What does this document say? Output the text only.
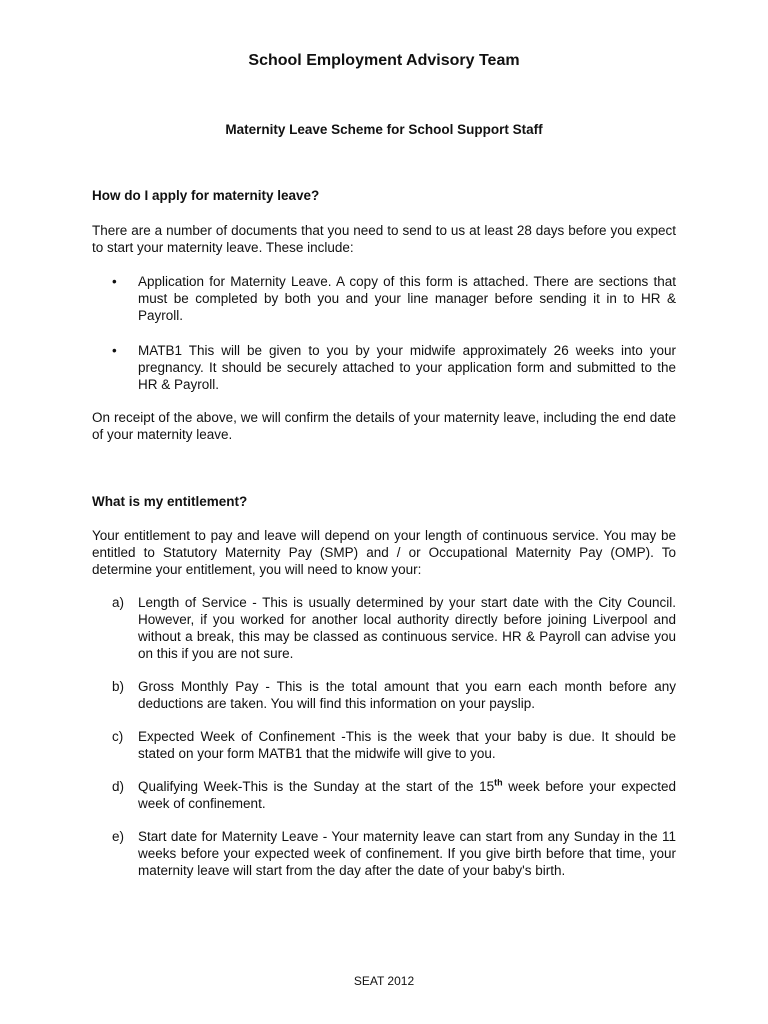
School Employment Advisory Team
Maternity Leave Scheme for School Support Staff
How do I apply for maternity leave?

There are a number of documents that you need to send to us at least 28 days before you expect to start your maternity leave. These include:

•	Application for Maternity Leave. A copy of this form is attached. There are sections that must be completed by both you and your line manager before sending it in to HR & Payroll.
•	MATB1 This will be given to you by your midwife approximately 26 weeks into your pregnancy. It should be securely attached to your application form and submitted to the HR & Payroll.

On receipt of the above, we will confirm the details of your maternity leave, including the end date of your maternity leave.

What is my entitlement?

Your entitlement to pay and leave will depend on your length of continuous service. You may be entitled to Statutory Maternity Pay (SMP) and / or Occupational Maternity Pay (OMP). To determine your entitlement, you will need to know your:

a)	Length of Service - This is usually determined by your start date with the City Council. However, if you worked for another local authority directly before joining Liverpool and without a break, this may be classed as continuous service. HR & Payroll can advise you on this if you are not sure.
b)	Gross Monthly Pay - This is the total amount that you earn each month before any deductions are taken. You will find this information on your payslip.
c)	Expected Week of Confinement -This is the week that your baby is due. It should be stated on your form MATB1 that the midwife will give to you.
d)	Qualifying Week-This is the Sunday at the start of the 15th week before your expected week of confinement.
e)	Start date for Maternity Leave - Your maternity leave can start from any Sunday in the 11 weeks before your expected week of confinement. If you give birth before that time, your maternity leave will start from the day after the date of your baby's birth.
SEAT 2012
